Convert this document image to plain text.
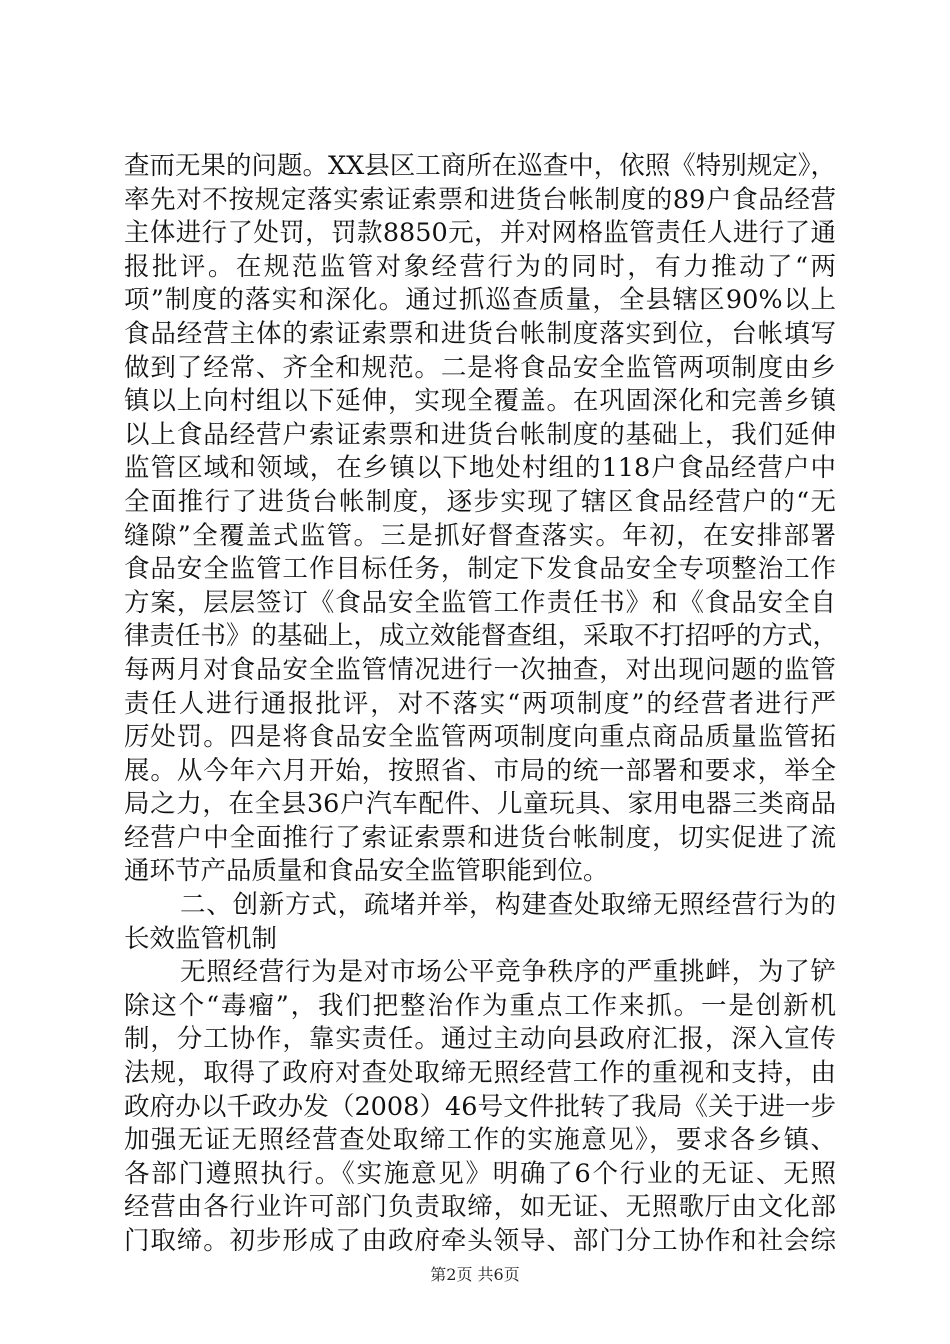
查而无果的问题。XX县区工商所在巡查中，依照《特别规定》，
率先对不按规定落实索证索票和进货台帐制度的89户食品经营
主体进行了处罚，罚款8850元，并对网格监管责任人进行了通
报批评。在规范监管对象经营行为的同时，有力推动了“两
项”制度的落实和深化。通过抓巡查质量，全县辖区90%以上
食品经营主体的索证索票和进货台帐制度落实到位，台帐填写
做到了经常、齐全和规范。二是将食品安全监管两项制度由乡
镇以上向村组以下延伸，实现全覆盖。在巩固深化和完善乡镇
以上食品经营户索证索票和进货台帐制度的基础上，我们延伸
监管区域和领域，在乡镇以下地处村组的118户食品经营户中
全面推行了进货台帐制度，逐步实现了辖区食品经营户的“无
缝隙”全覆盖式监管。三是抓好督查落实。年初，在安排部署
食品安全监管工作目标任务，制定下发食品安全专项整治工作
方案，层层签订《食品安全监管工作责任书》和《食品安全自
律责任书》的基础上，成立效能督查组，采取不打招呼的方式，
每两月对食品安全监管情况进行一次抽查，对出现问题的监管
责任人进行通报批评，对不落实“两项制度”的经营者进行严
厉处罚。四是将食品安全监管两项制度向重点商品质量监管拓
展。从今年六月开始，按照省、市局的统一部署和要求，举全
局之力，在全县36户汽车配件、儿童玩具、家用电器三类商品
经营户中全面推行了索证索票和进货台帐制度，切实促进了流
通环节产品质量和食品安全监管职能到位。
二、创新方式，疏堵并举，构建查处取缔无照经营行为的
长效监管机制
无照经营行为是对市场公平竞争秩序的严重挑衅，为了铲
除这个“毒瘤”，我们把整治作为重点工作来抓。一是创新机
制，分工协作，靠实责任。通过主动向县政府汇报，深入宣传
法规，取得了政府对查处取缔无照经营工作的重视和支持，由
政府办以千政办发（2008）46号文件批转了我局《关于进一步
加强无证无照经营查处取缔工作的实施意见》，要求各乡镇、
各部门遵照执行。《实施意见》明确了6个行业的无证、无照
经营由各行业许可部门负责取缔，如无证、无照歌厅由文化部
门取缔。初步形成了由政府牵头领导、部门分工协作和社会综
第2页 共6页
